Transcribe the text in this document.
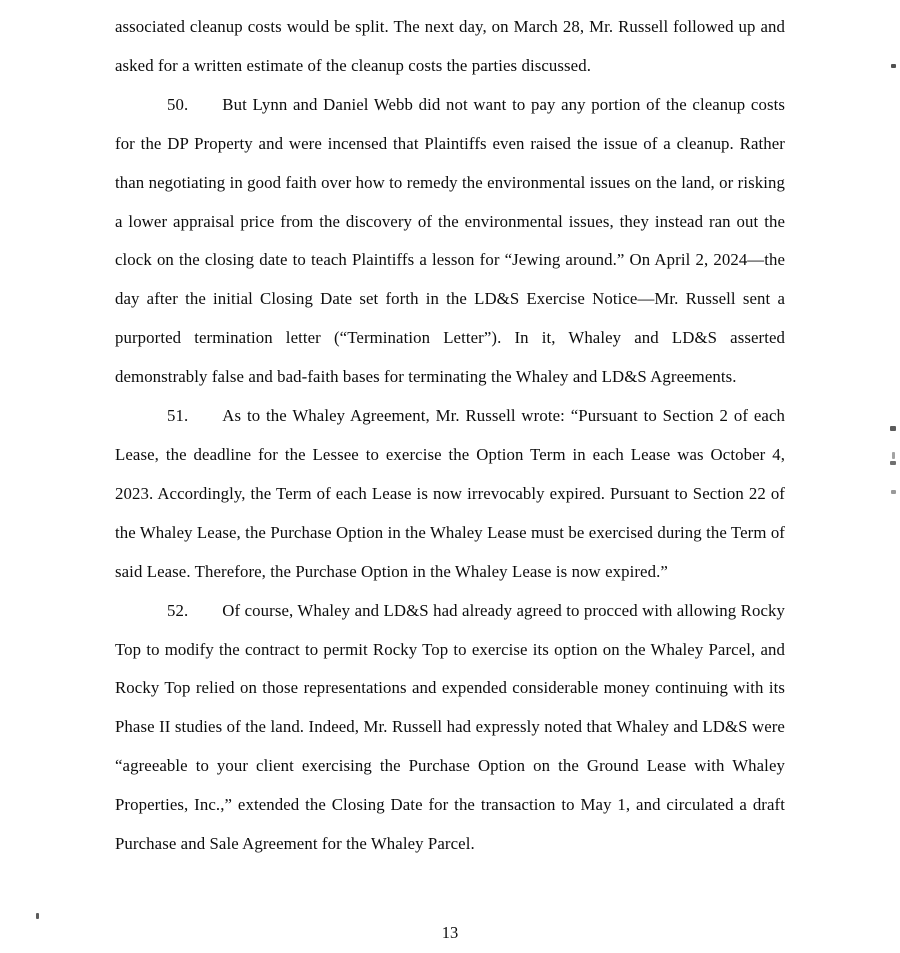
associated cleanup costs would be split. The next day, on March 28, Mr. Russell followed up and asked for a written estimate of the cleanup costs the parties discussed.

50. But Lynn and Daniel Webb did not want to pay any portion of the cleanup costs for the DP Property and were incensed that Plaintiffs even raised the issue of a cleanup. Rather than negotiating in good faith over how to remedy the environmental issues on the land, or risking a lower appraisal price from the discovery of the environmental issues, they instead ran out the clock on the closing date to teach Plaintiffs a lesson for “Jewing around.” On April 2, 2024—the day after the initial Closing Date set forth in the LD&S Exercise Notice—Mr. Russell sent a purported termination letter (“Termination Letter”). In it, Whaley and LD&S asserted demonstrably false and bad-faith bases for terminating the Whaley and LD&S Agreements.

51. As to the Whaley Agreement, Mr. Russell wrote: “Pursuant to Section 2 of each Lease, the deadline for the Lessee to exercise the Option Term in each Lease was October 4, 2023. Accordingly, the Term of each Lease is now irrevocably expired. Pursuant to Section 22 of the Whaley Lease, the Purchase Option in the Whaley Lease must be exercised during the Term of said Lease. Therefore, the Purchase Option in the Whaley Lease is now expired.”

52. Of course, Whaley and LD&S had already agreed to procced with allowing Rocky Top to modify the contract to permit Rocky Top to exercise its option on the Whaley Parcel, and Rocky Top relied on those representations and expended considerable money continuing with its Phase II studies of the land. Indeed, Mr. Russell had expressly noted that Whaley and LD&S were “agreeable to your client exercising the Purchase Option on the Ground Lease with Whaley Properties, Inc.,” extended the Closing Date for the transaction to May 1, and circulated a draft Purchase and Sale Agreement for the Whaley Parcel.

13
